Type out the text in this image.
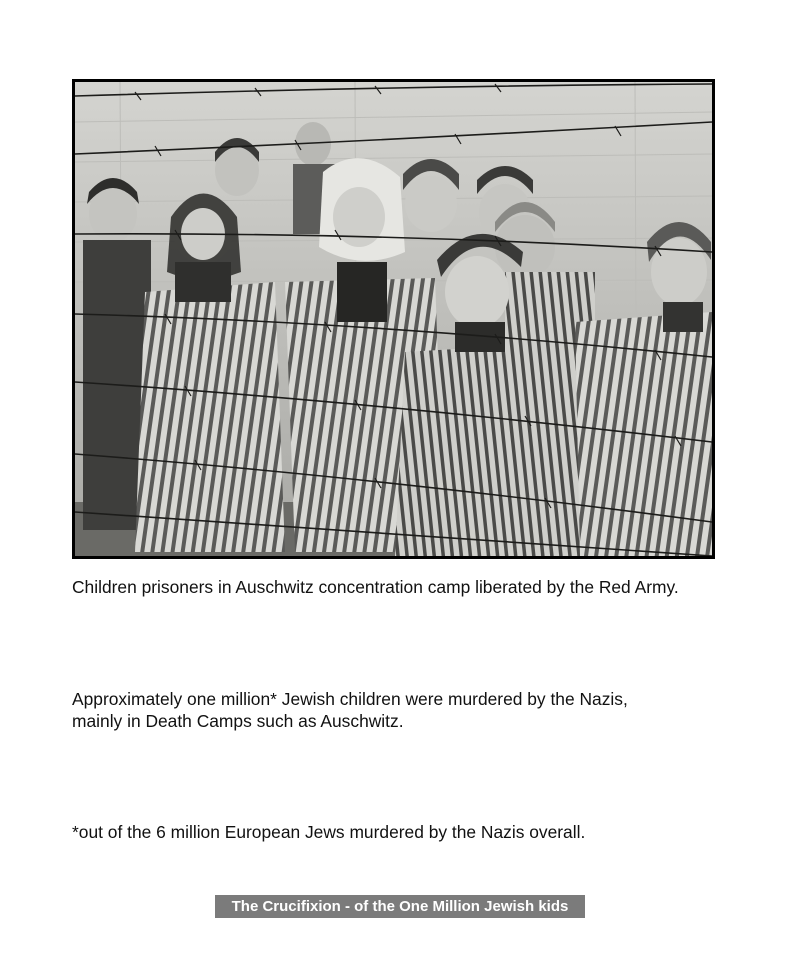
Children prisoners in Auschwitz concentration camp liberated by the Red Army.
Approximately one million* Jewish children were murdered by the Nazis,
mainly in Death Camps such as Auschwitz.
*out of the 6 million European Jews murdered by the Nazis overall.
The Crucifixion - of the One Million Jewish kids
